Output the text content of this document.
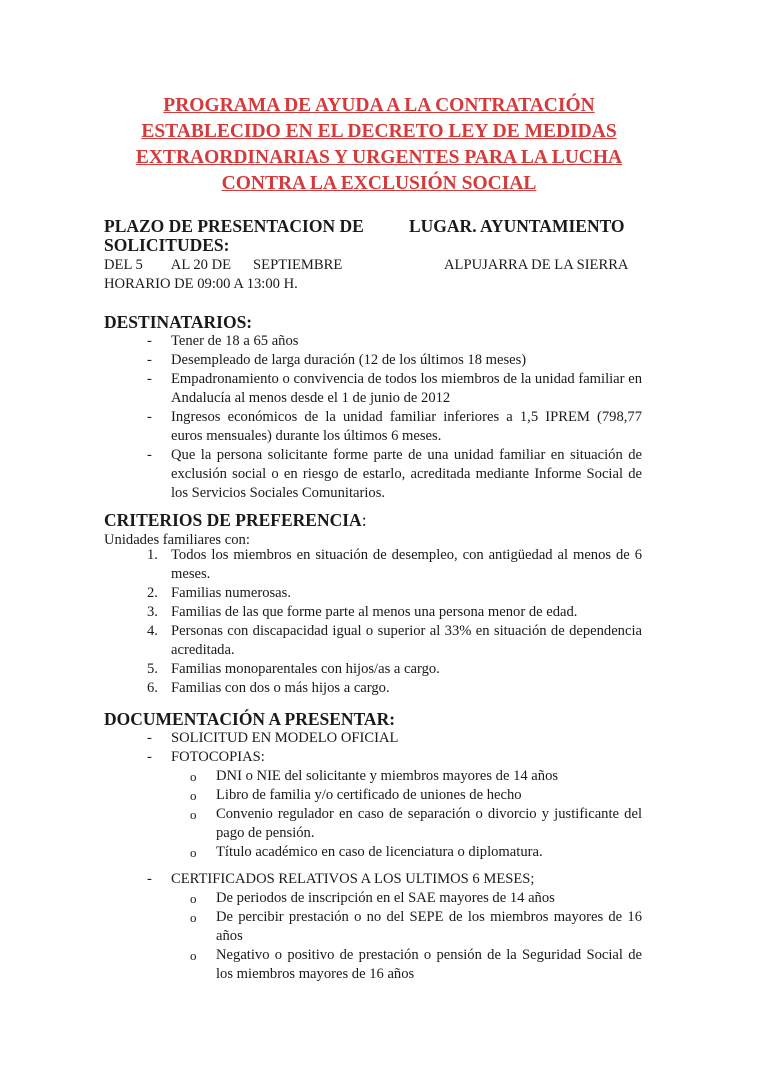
PROGRAMA DE AYUDA A LA CONTRATACIÓN
ESTABLECIDO EN EL DECRETO LEY DE MEDIDAS
EXTRAORDINARIAS Y URGENTES PARA LA LUCHA
CONTRA LA EXCLUSIÓN SOCIAL
PLAZO DE PRESENTACION DE
SOLICITUDES:
LUGAR. AYUNTAMIENTO
DEL 5 AL 20 DE SEPTIEMBRE
HORARIO DE 09:00 A 13:00 H.
ALPUJARRA DE LA SIERRA
DESTINATARIOS:
- Tener de 18 a 65 años
- Desempleado de larga duración (12 de los últimos 18 meses)
- Empadronamiento o convivencia de todos los miembros de la unidad familiar en Andalucía al menos desde el 1 de junio de 2012
- Ingresos económicos de la unidad familiar inferiores a 1,5 IPREM (798,77 euros mensuales) durante los últimos 6 meses.
- Que la persona solicitante forme parte de una unidad familiar en situación de exclusión social o en riesgo de estarlo, acreditada mediante Informe Social de los Servicios Sociales Comunitarios.
CRITERIOS DE PREFERENCIA:
Unidades familiares con:
1. Todos los miembros en situación de desempleo, con antigüedad al menos de 6 meses.
2. Familias numerosas.
3. Familias de las que forme parte al menos una persona menor de edad.
4. Personas con discapacidad igual o superior al 33% en situación de dependencia acreditada.
5. Familias monoparentales con hijos/as a cargo.
6. Familias con dos o más hijos a cargo.
DOCUMENTACIÓN A PRESENTAR:
- SOLICITUD EN MODELO OFICIAL
- FOTOCOPIAS:
o DNI o NIE del solicitante y miembros mayores de 14 años
o Libro de familia y/o certificado de uniones de hecho
o Convenio regulador en caso de separación o divorcio y justificante del pago de pensión.
o Título académico en caso de licenciatura o diplomatura.
- CERTIFICADOS RELATIVOS A LOS ULTIMOS 6 MESES;
o De periodos de inscripción en el SAE mayores de 14 años
o De percibir prestación o no del SEPE de los miembros mayores de 16 años
o Negativo o positivo de prestación o pensión de la Seguridad Social de los miembros mayores de 16 años
